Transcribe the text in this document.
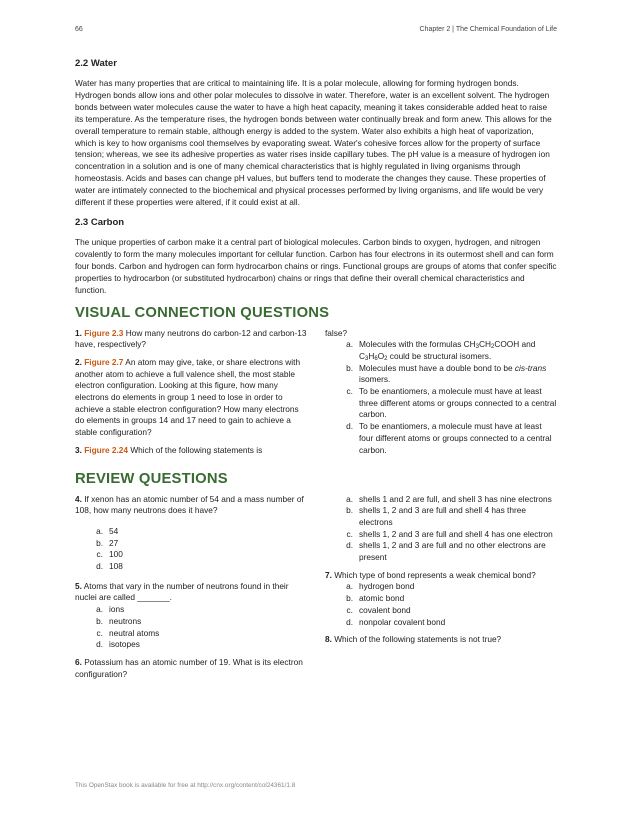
66	Chapter 2 | The Chemical Foundation of Life
2.2 Water

Water has many properties that are critical to maintaining life. It is a polar molecule, allowing for forming hydrogen bonds. Hydrogen bonds allow ions and other polar molecules to dissolve in water. Therefore, water is an excellent solvent. The hydrogen bonds between water molecules cause the water to have a high heat capacity, meaning it takes considerable added heat to raise its temperature. As the temperature rises, the hydrogen bonds between water continually break and form anew. This allows for the overall temperature to remain stable, although energy is added to the system. Water also exhibits a high heat of vaporization, which is key to how organisms cool themselves by evaporating sweat. Water's cohesive forces allow for the property of surface tension; whereas, we see its adhesive properties as water rises inside capillary tubes. The pH value is a measure of hydrogen ion concentration in a solution and is one of many chemical characteristics that is highly regulated in living organisms through homeostasis. Acids and bases can change pH values, but buffers tend to moderate the changes they cause. These properties of water are intimately connected to the biochemical and physical processes performed by living organisms, and life would be very different if these properties were altered, if it could exist at all.

2.3 Carbon

The unique properties of carbon make it a central part of biological molecules. Carbon binds to oxygen, hydrogen, and nitrogen covalently to form the many molecules important for cellular function. Carbon has four electrons in its outermost shell and can form four bonds. Carbon and hydrogen can form hydrocarbon chains or rings. Functional groups are groups of atoms that confer specific properties to hydrocarbon (or substituted hydrocarbon) chains or rings that define their overall chemical characteristics and function.

VISUAL CONNECTION QUESTIONS

1. Figure 2.3 How many neutrons do carbon-12 and carbon-13 have, respectively?

2. Figure 2.7 An atom may give, take, or share electrons with another atom to achieve a full valence shell, the most stable electron configuration. Looking at this figure, how many electrons do elements in group 1 need to lose in order to achieve a stable electron configuration? How many electrons do elements in groups 14 and 17 need to gain to achieve a stable configuration?

3. Figure 2.24 Which of the following statements is

false?
a. Molecules with the formulas $CH_3CH_2COOH$ and $C_3H_6O_2$ could be structural isomers.
b. Molecules must have a double bond to be cis-trans isomers.
c. To be enantiomers, a molecule must have at least three different atoms or groups connected to a central carbon.
d. To be enantiomers, a molecule must have at least four different atoms or groups connected to a central carbon.
REVIEW QUESTIONS

4. If xenon has an atomic number of 54 and a mass number of 108, how many neutrons does it have?

a. 54
b. 27
c. 100
d. 108

5. Atoms that vary in the number of neutrons found in their nuclei are called _______.

a. ions
b. neutrons
c. neutral atoms
d. isotopes

6. Potassium has an atomic number of 19. What is its electron configuration?

a. shells 1 and 2 are full, and shell 3 has nine electrons
b. shells 1, 2 and 3 are full and shell 4 has three electrons
c. shells 1, 2 and 3 are full and shell 4 has one electron
d. shells 1, 2 and 3 are full and no other electrons are present

7. Which type of bond represents a weak chemical bond?

a. hydrogen bond
b. atomic bond
c. covalent bond
d. nonpolar covalent bond

8. Which of the following statements is not true?

This OpenStax book is available for free at http://cnx.org/content/col24361/1.8
